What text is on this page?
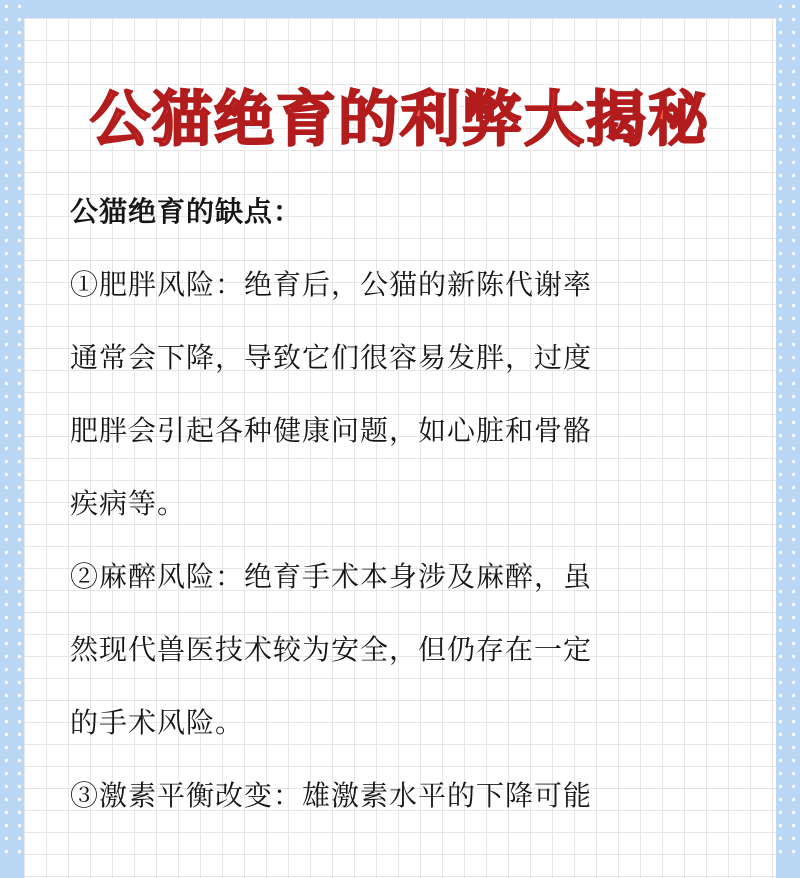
公猫绝育的利弊大揭秘
公猫绝育的缺点：
①肥胖风险：绝育后，公猫的新陈代谢率
通常会下降，导致它们很容易发胖，过度
肥胖会引起各种健康问题，如心脏和骨骼
疾病等。
②麻醉风险：绝育手术本身涉及麻醉，虽
然现代兽医技术较为安全，但仍存在一定
的手术风险。
③激素平衡改变：雄激素水平的下降可能
